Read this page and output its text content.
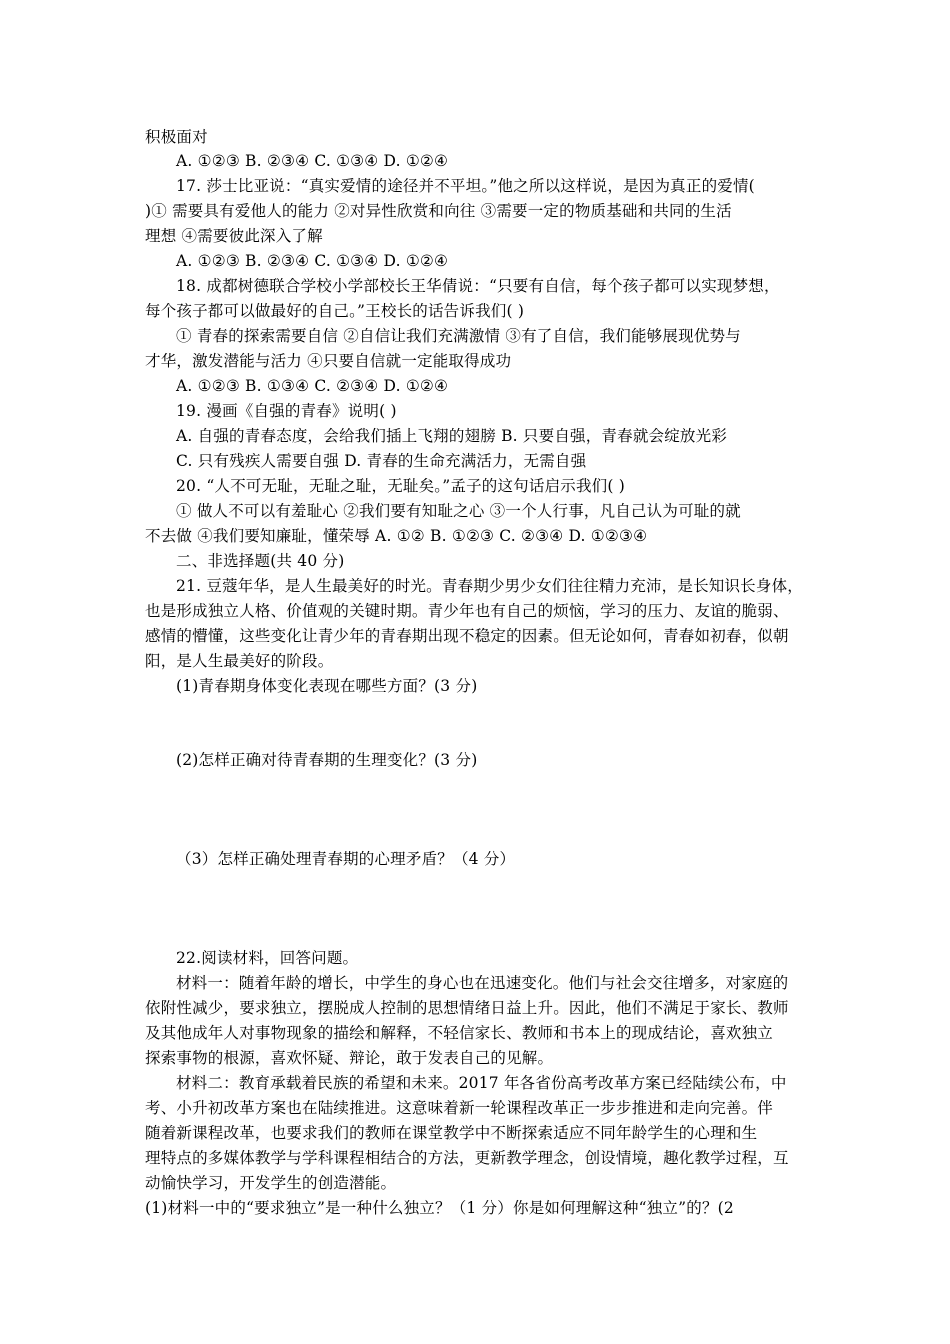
积极面对
A. ①②③ B. ②③④ C. ①③④ D. ①②④
17. 莎士比亚说：“真实爱情的途径并不平坦。”他之所以这样说，是因为真正的爱情(
)① 需要具有爱他人的能力 ②对异性欣赏和向往 ③需要一定的物质基础和共同的生活
理想 ④需要彼此深入了解
A. ①②③ B. ②③④ C. ①③④ D. ①②④
18. 成都树德联合学校小学部校长王华倩说：“只要有自信，每个孩子都可以实现梦想，
每个孩子都可以做最好的自己。”王校长的话告诉我们( )
① 青春的探索需要自信 ②自信让我们充满激情 ③有了自信，我们能够展现优势与
才华，激发潜能与活力 ④只要自信就一定能取得成功
A. ①②③ B. ①③④ C. ②③④ D. ①②④
19. 漫画《自强的青春》说明( )
A. 自强的青春态度，会给我们插上飞翔的翅膀 B. 只要自强，青春就会绽放光彩
C. 只有残疾人需要自强 D. 青春的生命充满活力，无需自强
20. “人不可无耻，无耻之耻，无耻矣。”孟子的这句话启示我们( )
① 做人不可以有羞耻心 ②我们要有知耻之心 ③一个人行事，凡自己认为可耻的就
不去做 ④我们要知廉耻，懂荣辱 A. ①② B. ①②③ C. ②③④ D. ①②③④
二、非选择题(共 40 分)
21. 豆蔻年华，是人生最美好的时光。青春期少男少女们往往精力充沛，是长知识长身体，
也是形成独立人格、价值观的关键时期。青少年也有自己的烦恼，学习的压力、友谊的脆弱、
感情的懵懂，这些变化让青少年的青春期出现不稳定的因素。但无论如何，青春如初春，似朝
阳，是人生最美好的阶段。
(1)青春期身体变化表现在哪些方面？(3 分)
(2)怎样正确对待青春期的生理变化？(3 分)
（3）怎样正确处理青春期的心理矛盾？（4 分）
22.阅读材料，回答问题。
材料一：随着年龄的增长，中学生的身心也在迅速变化。他们与社会交往增多，对家庭的
依附性减少，要求独立，摆脱成人控制的思想情绪日益上升。因此，他们不满足于家长、教师
及其他成年人对事物现象的描绘和解释，不轻信家长、教师和书本上的现成结论，喜欢独立
探索事物的根源，喜欢怀疑、辩论，敢于发表自己的见解。
材料二：教育承载着民族的希望和未来。2017 年各省份高考改革方案已经陆续公布，中
考、小升初改革方案也在陆续推进。这意味着新一轮课程改革正一步步推进和走向完善。伴
随着新课程改革，也要求我们的教师在课堂教学中不断探索适应不同年龄学生的心理和生
理特点的多媒体教学与学科课程相结合的方法，更新教学理念，创设情境，趣化教学过程，互
动愉快学习，开发学生的创造潜能。
(1)材料一中的“要求独立”是一种什么独立？（1 分）你是如何理解这种“独立”的？(2
